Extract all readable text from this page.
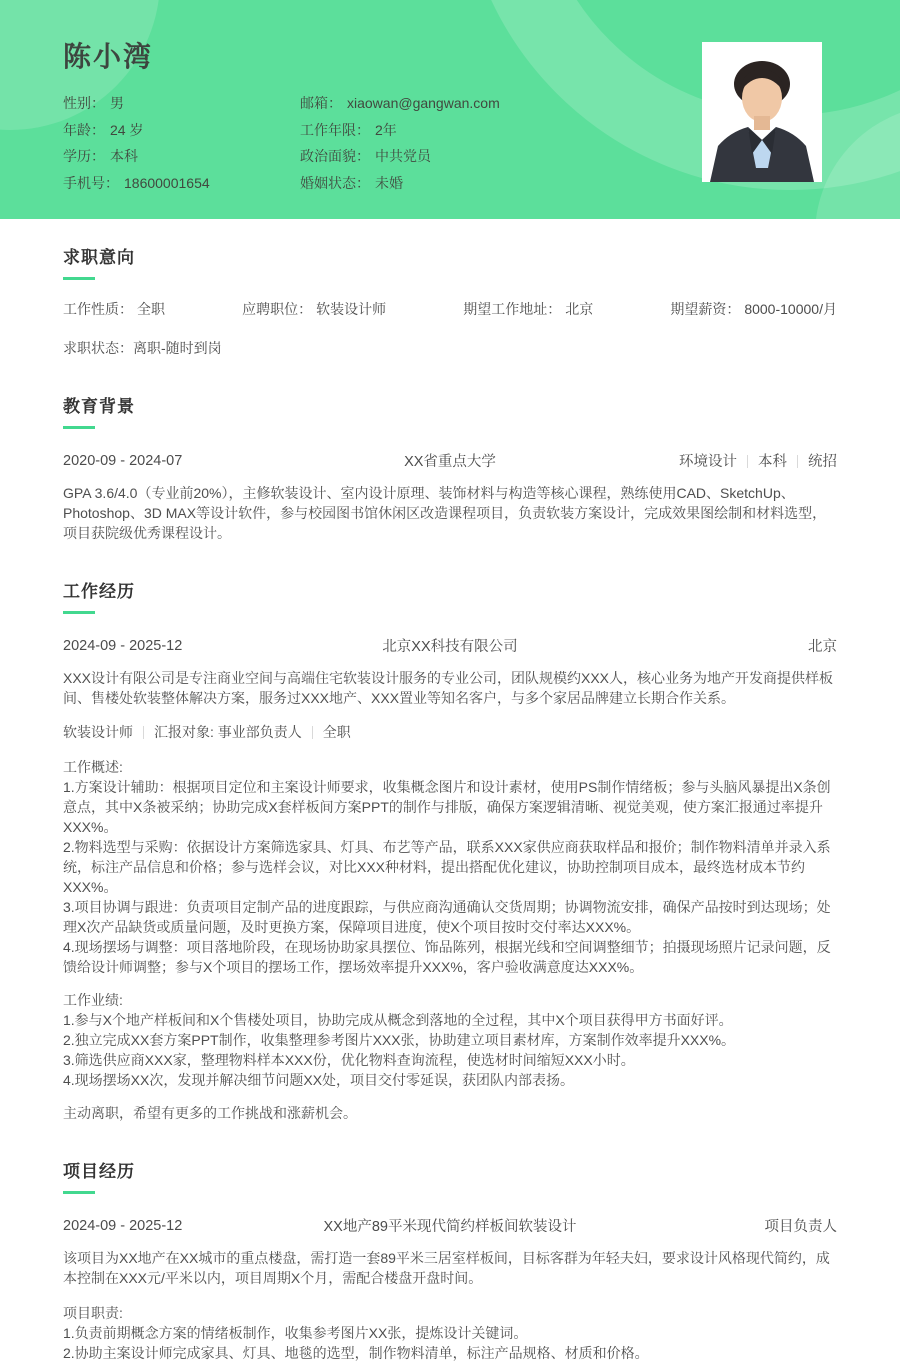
陈小湾
性别： 男	邮箱： xiaowan@gangwan.com
年龄： 24 岁	工作年限： 2年
学历： 本科	政治面貌： 中共党员
手机号： 18600001654	婚姻状态： 未婚
求职意向
工作性质： 全职	应聘职位： 软装设计师	期望工作地址： 北京	期望薪资： 8000-10000/月
求职状态：离职-随时到岗
教育背景
2020-09 - 2024-07	XX省重点大学	环境设计 本科 统招

GPA 3.6/4.0（专业前20%），主修软装设计、室内设计原理、装饰材料与构造等核心课程，熟练使用CAD、SketchUp、Photoshop、3D MAX等设计软件，参与校园图书馆休闲区改造课程项目，负责软装方案设计，完成效果图绘制和材料选型，项目获院级优秀课程设计。

工作经历
2024-09 - 2025-12	北京XX科技有限公司	北京

XXX设计有限公司是专注商业空间与高端住宅软装设计服务的专业公司，团队规模约XXX人，核心业务为地产开发商提供样板间、售楼处软装整体解决方案，服务过XXX地产、XXX置业等知名客户，与多个家居品牌建立长期合作关系。

软装设计师 汇报对象: 事业部负责人 全职
工作概述:

1.方案设计辅助：根据项目定位和主案设计师要求，收集概念图片和设计素材，使用PS制作情绪板；参与头脑风暴提出X条创意点，其中X条被采纳；协助完成X套样板间方案PPT的制作与排版，确保方案逻辑清晰、视觉美观，使方案汇报通过率提升XXX%。

2.物料选型与采购：依据设计方案筛选家具、灯具、布艺等产品，联系XXX家供应商获取样品和报价；制作物料清单并录入系统，标注产品信息和价格；参与选样会议，对比XXX种材料，提出搭配优化建议，协助控制项目成本，最终选材成本节约XXX%。

3.项目协调与跟进：负责项目定制产品的进度跟踪，与供应商沟通确认交货周期；协调物流安排，确保产品按时到达现场；处理X次产品缺货或质量问题，及时更换方案，保障项目进度，使X个项目按时交付率达XXX%。

4.现场摆场与调整：项目落地阶段，在现场协助家具摆位、饰品陈列，根据光线和空间调整细节；拍摄现场照片记录问题，反馈给设计师调整；参与X个项目的摆场工作，摆场效率提升XXX%，客户验收满意度达XXX%。

工作业绩:

1.参与X个地产样板间和X个售楼处项目，协助完成从概念到落地的全过程，其中X个项目获得甲方书面好评。

2.独立完成XX套方案PPT制作，收集整理参考图片XXX张，协助建立项目素材库，方案制作效率提升XXX%。

3.筛选供应商XXX家，整理物料样本XXX份，优化物料查询流程，使选材时间缩短XXX小时。

4.现场摆场XX次，发现并解决细节问题XX处，项目交付零延误，获团队内部表扬。

主动离职，希望有更多的工作挑战和涨薪机会。

项目经历
2024-09 - 2025-12	XX地产89平米现代简约样板间软装设计	项目负责人

该项目为XX地产在XX城市的重点楼盘，需打造一套89平米三居室样板间，目标客群为年轻夫妇，要求设计风格现代简约，成本控制在XXX元/平米以内，项目周期X个月，需配合楼盘开盘时间。

项目职责:

1.负责前期概念方案的情绪板制作，收集参考图片XX张，提炼设计关键词。

2.协助主案设计师完成家具、灯具、地毯的选型，制作物料清单，标注产品规格、材质和价格。
